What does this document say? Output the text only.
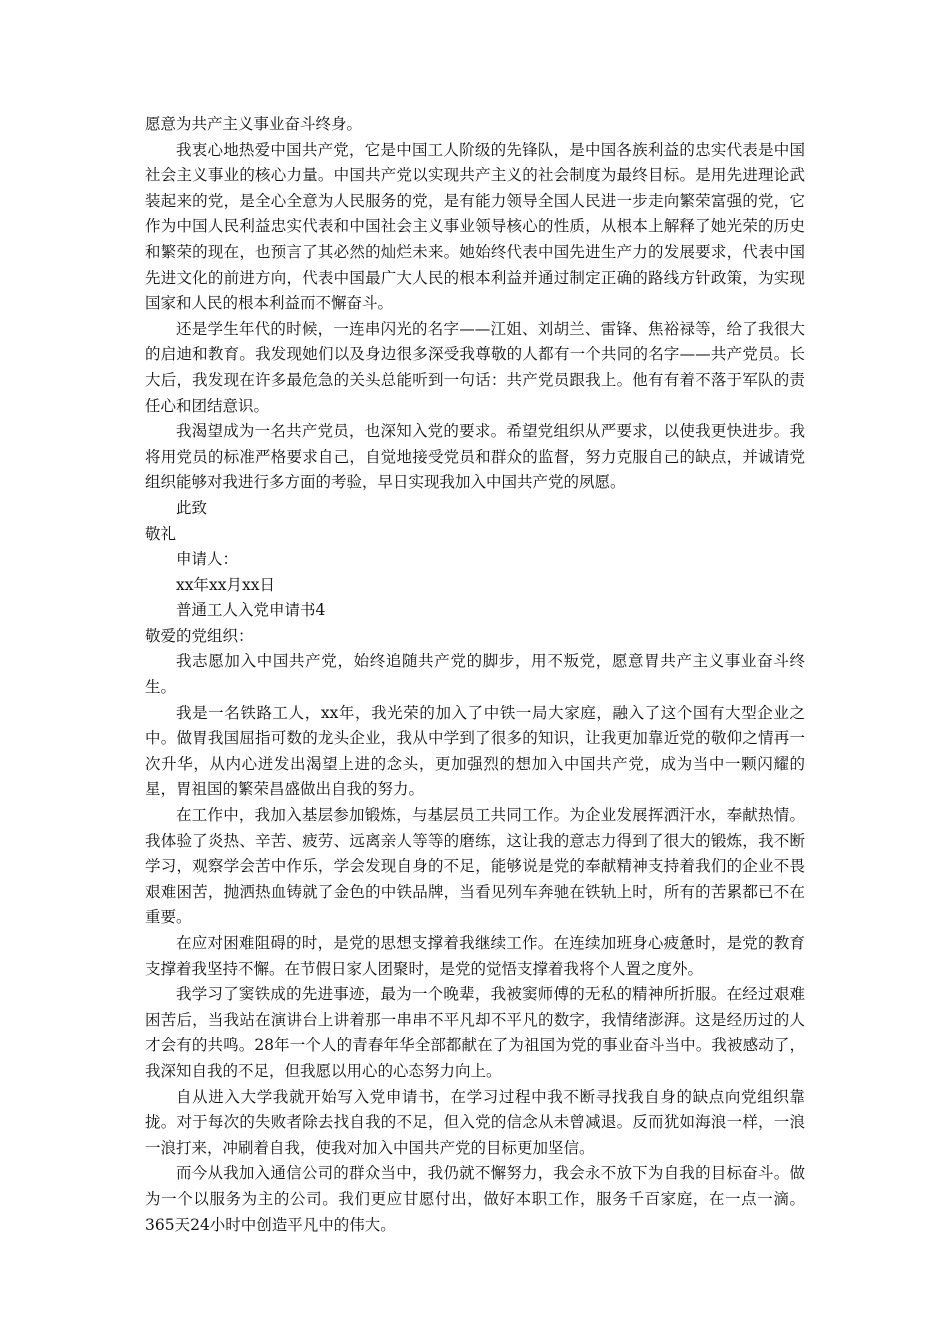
愿意为共产主义事业奋斗终身。

我衷心地热爱中国共产党，它是中国工人阶级的先锋队，是中国各族利益的忠实代表是中国社会主义事业的核心力量。中国共产党以实现共产主义的社会制度为最终目标。是用先进理论武装起来的党，是全心全意为人民服务的党，是有能力领导全国人民进一步走向繁荣富强的党，它作为中国人民利益忠实代表和中国社会主义事业领导核心的性质，从根本上解释了她光荣的历史和繁荣的现在，也预言了其必然的灿烂未来。她始终代表中国先进生产力的发展要求，代表中国先进文化的前进方向，代表中国最广大人民的根本利益并通过制定正确的路线方针政策，为实现国家和人民的根本利益而不懈奋斗。

还是学生年代的时候，一连串闪光的名字——江姐、刘胡兰、雷锋、焦裕禄等，给了我很大的启迪和教育。我发现她们以及身边很多深受我尊敬的人都有一个共同的名字——共产党员。长大后，我发现在许多最危急的关头总能听到一句话：共产党员跟我上。他有有着不落于军队的责任心和团结意识。

我渴望成为一名共产党员，也深知入党的要求。希望党组织从严要求，以使我更快进步。我将用党员的标准严格要求自己，自觉地接受党员和群众的监督，努力克服自己的缺点，并诚请党组织能够对我进行多方面的考验，早日实现我加入中国共产党的夙愿。

此致

敬礼

申请人：

xx年xx月xx日

普通工人入党申请书4

敬爱的党组织：

我志愿加入中国共产党，始终追随共产党的脚步，用不叛党，愿意胃共产主义事业奋斗终生。

我是一名铁路工人，xx年，我光荣的加入了中铁一局大家庭，融入了这个国有大型企业之中。做胃我国屈指可数的龙头企业，我从中学到了很多的知识，让我更加靠近党的敬仰之情再一次升华，从内心迸发出渴望上进的念头，更加强烈的想加入中国共产党，成为当中一颗闪耀的星，胃祖国的繁荣昌盛做出自我的努力。

在工作中，我加入基层参加锻炼，与基层员工共同工作。为企业发展挥洒汗水，奉献热情。我体验了炎热、辛苦、疲劳、远离亲人等等的磨练，这让我的意志力得到了很大的锻炼，我不断学习，观察学会苦中作乐，学会发现自身的不足，能够说是党的奉献精神支持着我们的企业不畏艰难困苦，抛洒热血铸就了金色的中铁品牌，当看见列车奔驰在铁轨上时，所有的苦累都已不在重要。

在应对困难阻碍的时，是党的思想支撑着我继续工作。在连续加班身心疲惫时，是党的教育支撑着我坚持不懈。在节假日家人团聚时，是党的觉悟支撑着我将个人置之度外。

我学习了窦铁成的先进事迹，最为一个晚辈，我被窦师傅的无私的精神所折服。在经过艰难困苦后，当我站在演讲台上讲着那一串串不平凡却不平凡的数字，我情绪澎湃。这是经历过的人才会有的共鸣。28年一个人的青春年华全部都献在了为祖国为党的事业奋斗当中。我被感动了，我深知自我的不足，但我愿以用心的心态努力向上。

自从进入大学我就开始写入党申请书，在学习过程中我不断寻找我自身的缺点向党组织靠拢。对于每次的失败者除去找自我的不足，但入党的信念从未曾减退。反而犹如海浪一样，一浪一浪打来，冲刷着自我，使我对加入中国共产党的目标更加坚信。

而今从我加入通信公司的群众当中，我仍就不懈努力，我会永不放下为自我的目标奋斗。做为一个以服务为主的公司。我们更应甘愿付出，做好本职工作，服务千百家庭，在一点一滴。365天24小时中创造平凡中的伟大。
